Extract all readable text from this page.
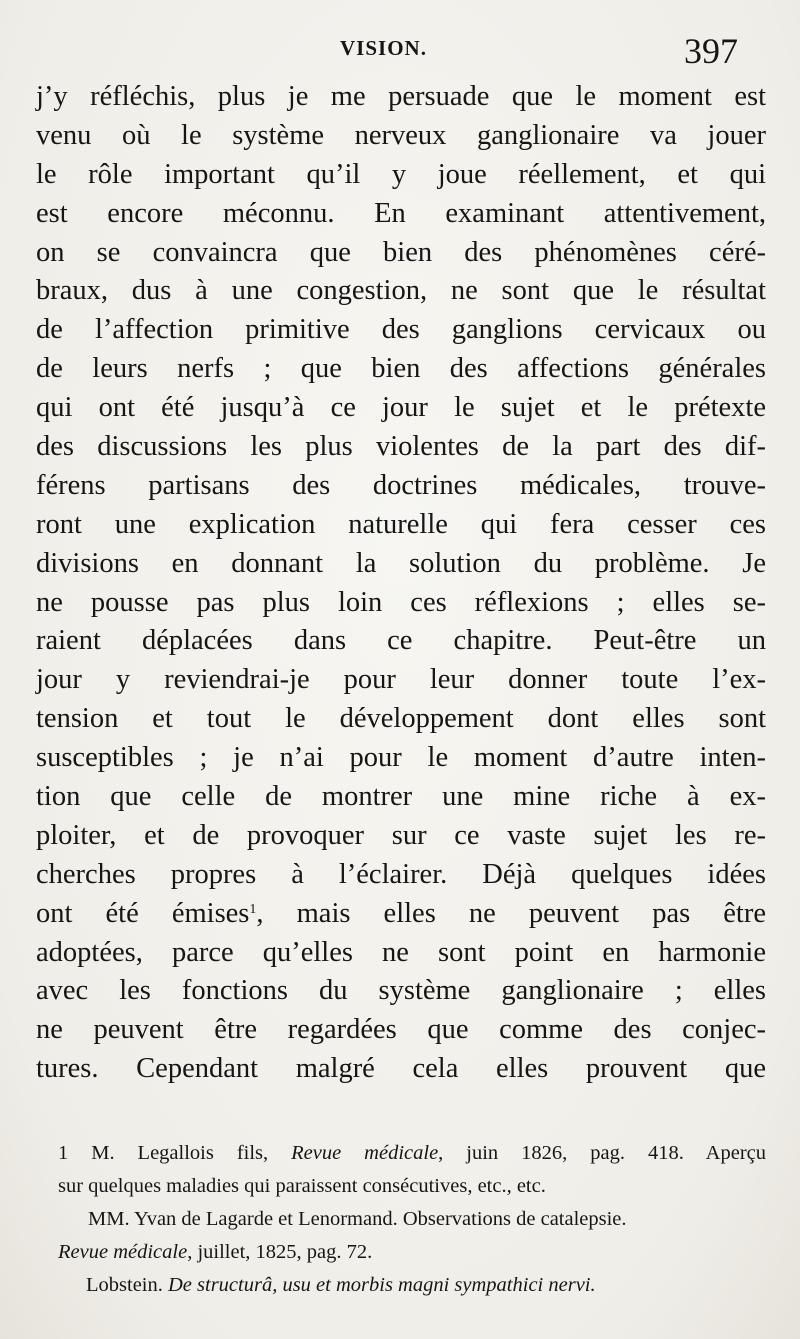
VISION.	397
j’y réfléchis, plus je me persuade que le moment est
venu où le système nerveux ganglionaire va jouer
le rôle important qu’il y joue réellement, et qui
est encore méconnu. En examinant attentivement,
on se convaincra que bien des phénomènes céré-
braux, dus à une congestion, ne sont que le résultat
de l’affection primitive des ganglions cervicaux ou
de leurs nerfs ; que bien des affections générales
qui ont été jusqu’à ce jour le sujet et le prétexte
des discussions les plus violentes de la part des dif-
férens partisans des doctrines médicales, trouve-
ront une explication naturelle qui fera cesser ces
divisions en donnant la solution du problème. Je
ne pousse pas plus loin ces réflexions ; elles se-
raient déplacées dans ce chapitre. Peut-être un
jour y reviendrai-je pour leur donner toute l’ex-
tension et tout le développement dont elles sont
susceptibles ; je n’ai pour le moment d’autre inten-
tion que celle de montrer une mine riche à ex-
ploiter, et de provoquer sur ce vaste sujet les re-
cherches propres à l’éclairer. Déjà quelques idées
ont été émises$^1$, mais elles ne peuvent pas être
adoptées, parce qu’elles ne sont point en harmonie
avec les fonctions du système ganglionaire ; elles
ne peuvent être regardées que comme des conjec-
tures. Cependant malgré cela elles prouvent que
1 M. Legallois fils, Revue médicale, juin 1826, pag. 418. Aperçu
sur quelques maladies qui paraissent consécutives, etc., etc.
MM. Yvan de Lagarde et Lenormand. Observations de catalepsie.
Revue médicale, juillet, 1825, pag. 72.
Lobstein. De structurâ, usu et morbis magni sympathici nervi.
